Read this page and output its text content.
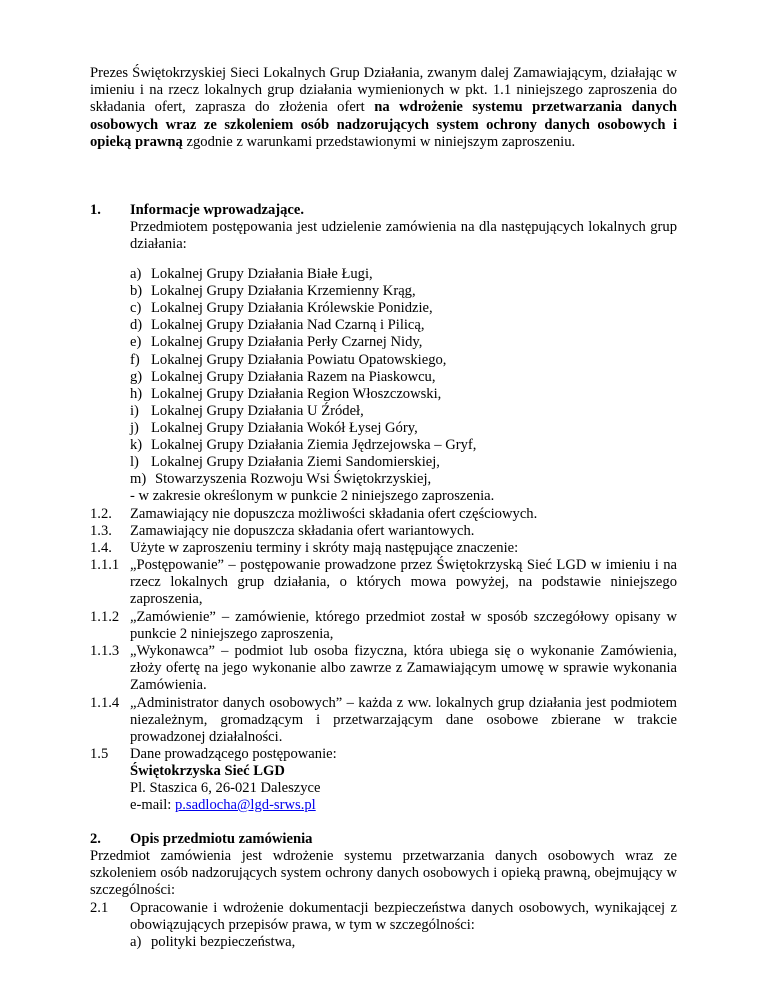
Prezes Świętokrzyskiej Sieci Lokalnych Grup Działania, zwanym dalej Zamawiającym, działając w imieniu i na rzecz lokalnych grup działania wymienionych w pkt. 1.1 niniejszego zaproszenia do składania ofert, zaprasza do złożenia ofert na wdrożenie systemu przetwarzania danych osobowych wraz ze szkoleniem osób nadzorujących system ochrony danych osobowych i opieką prawną zgodnie z warunkami przedstawionymi w niniejszym zaproszeniu.

1. Informacje wprowadzające.

Przedmiotem postępowania jest udzielenie zamówienia na dla następujących lokalnych grup działania:

a) Lokalnej Grupy Działania Białe Ługi,
b) Lokalnej Grupy Działania Krzemienny Krąg,
c) Lokalnej Grupy Działania Królewskie Ponidzie,
d) Lokalnej Grupy Działania Nad Czarną i Pilicą,
e) Lokalnej Grupy Działania Perły Czarnej Nidy,
f) Lokalnej Grupy Działania Powiatu Opatowskiego,
g) Lokalnej Grupy Działania Razem na Piaskowcu,
h) Lokalnej Grupy Działania Region Włoszczowski,
i) Lokalnej Grupy Działania U Źródeł,
j) Lokalnej Grupy Działania Wokół Łysej Góry,
k) Lokalnej Grupy Działania Ziemia Jędrzejowska – Gryf,
l) Lokalnej Grupy Działania Ziemi Sandomierskiej,
m) Stowarzyszenia Rozwoju Wsi Świętokrzyskiej,
- w zakresie określonym w punkcie 2 niniejszego zaproszenia.
1.2. Zamawiający nie dopuszcza możliwości składania ofert częściowych.
1.3. Zamawiający nie dopuszcza składania ofert wariantowych.
1.4. Użyte w zaproszeniu terminy i skróty mają następujące znaczenie:
1.1.1 „Postępowanie” – postępowanie prowadzone przez Świętokrzyską Sieć LGD w imieniu i na rzecz lokalnych grup działania, o których mowa powyżej, na podstawie niniejszego zaproszenia,

1.1.2 „Zamówienie” – zamówienie, którego przedmiot został w sposób szczegółowy opisany w punkcie 2 niniejszego zaproszenia,

1.1.3 „Wykonawca” – podmiot lub osoba fizyczna, która ubiega się o wykonanie Zamówienia, złoży ofertę na jego wykonanie albo zawrze z Zamawiającym umowę w sprawie wykonania Zamówienia.

1.1.4 „Administrator danych osobowych” – każda z ww. lokalnych grup działania jest podmiotem niezależnym, gromadzącym i przetwarzającym dane osobowe zbierane w trakcie prowadzonej działalności.

1.5 Dane prowadzącego postępowanie:
Świętokrzyska Sieć LGD
Pl. Staszica 6, 26-021 Daleszyce
e-mail: p.sadlocha@lgd-srws.pl
2. Opis przedmiotu zamówienia

Przedmiot zamówienia jest wdrożenie systemu przetwarzania danych osobowych wraz ze szkoleniem osób nadzorujących system ochrony danych osobowych i opieką prawną, obejmujący w szczególności:

2.1 Opracowanie i wdrożenie dokumentacji bezpieczeństwa danych osobowych, wynikającej z obowiązujących przepisów prawa, w tym w szczególności:

a) polityki bezpieczeństwa,
